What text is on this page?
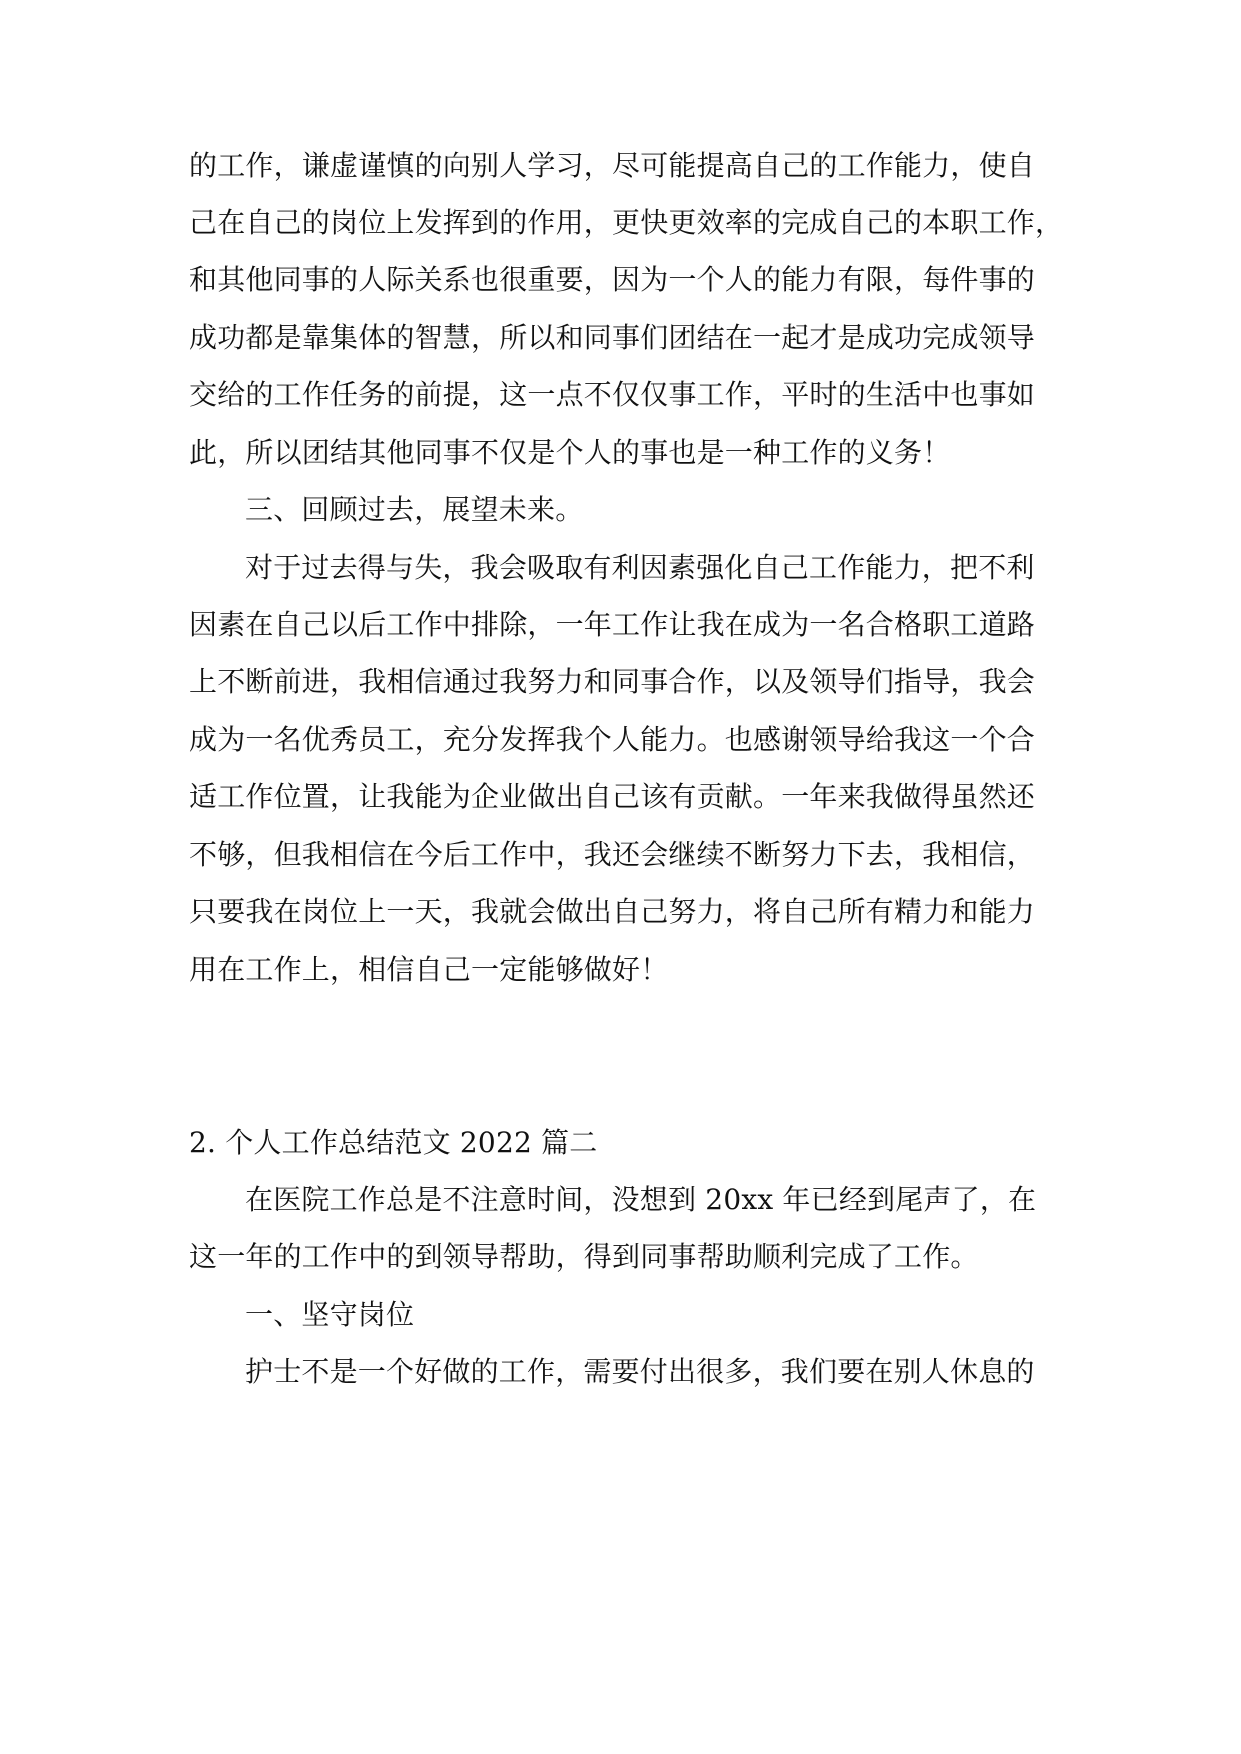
的工作，谦虚谨慎的向别人学习，尽可能提高自己的工作能力，使自
己在自己的岗位上发挥到的作用，更快更效率的完成自己的本职工作，
和其他同事的人际关系也很重要，因为一个人的能力有限，每件事的
成功都是靠集体的智慧，所以和同事们团结在一起才是成功完成领导
交给的工作任务的前提，这一点不仅仅事工作，平时的生活中也事如
此，所以团结其他同事不仅是个人的事也是一种工作的义务！
三、回顾过去，展望未来。
对于过去得与失，我会吸取有利因素强化自己工作能力，把不利
因素在自己以后工作中排除，一年工作让我在成为一名合格职工道路
上不断前进，我相信通过我努力和同事合作，以及领导们指导，我会
成为一名优秀员工，充分发挥我个人能力。也感谢领导给我这一个合
适工作位置，让我能为企业做出自己该有贡献。一年来我做得虽然还
不够，但我相信在今后工作中，我还会继续不断努力下去，我相信，
只要我在岗位上一天，我就会做出自己努力，将自己所有精力和能力
用在工作上，相信自己一定能够做好！
2. 个人工作总结范文 2022 篇二
在医院工作总是不注意时间，没想到 20xx 年已经到尾声了，在
这一年的工作中的到领导帮助，得到同事帮助顺利完成了工作。
一、坚守岗位
护士不是一个好做的工作，需要付出很多，我们要在别人休息的
